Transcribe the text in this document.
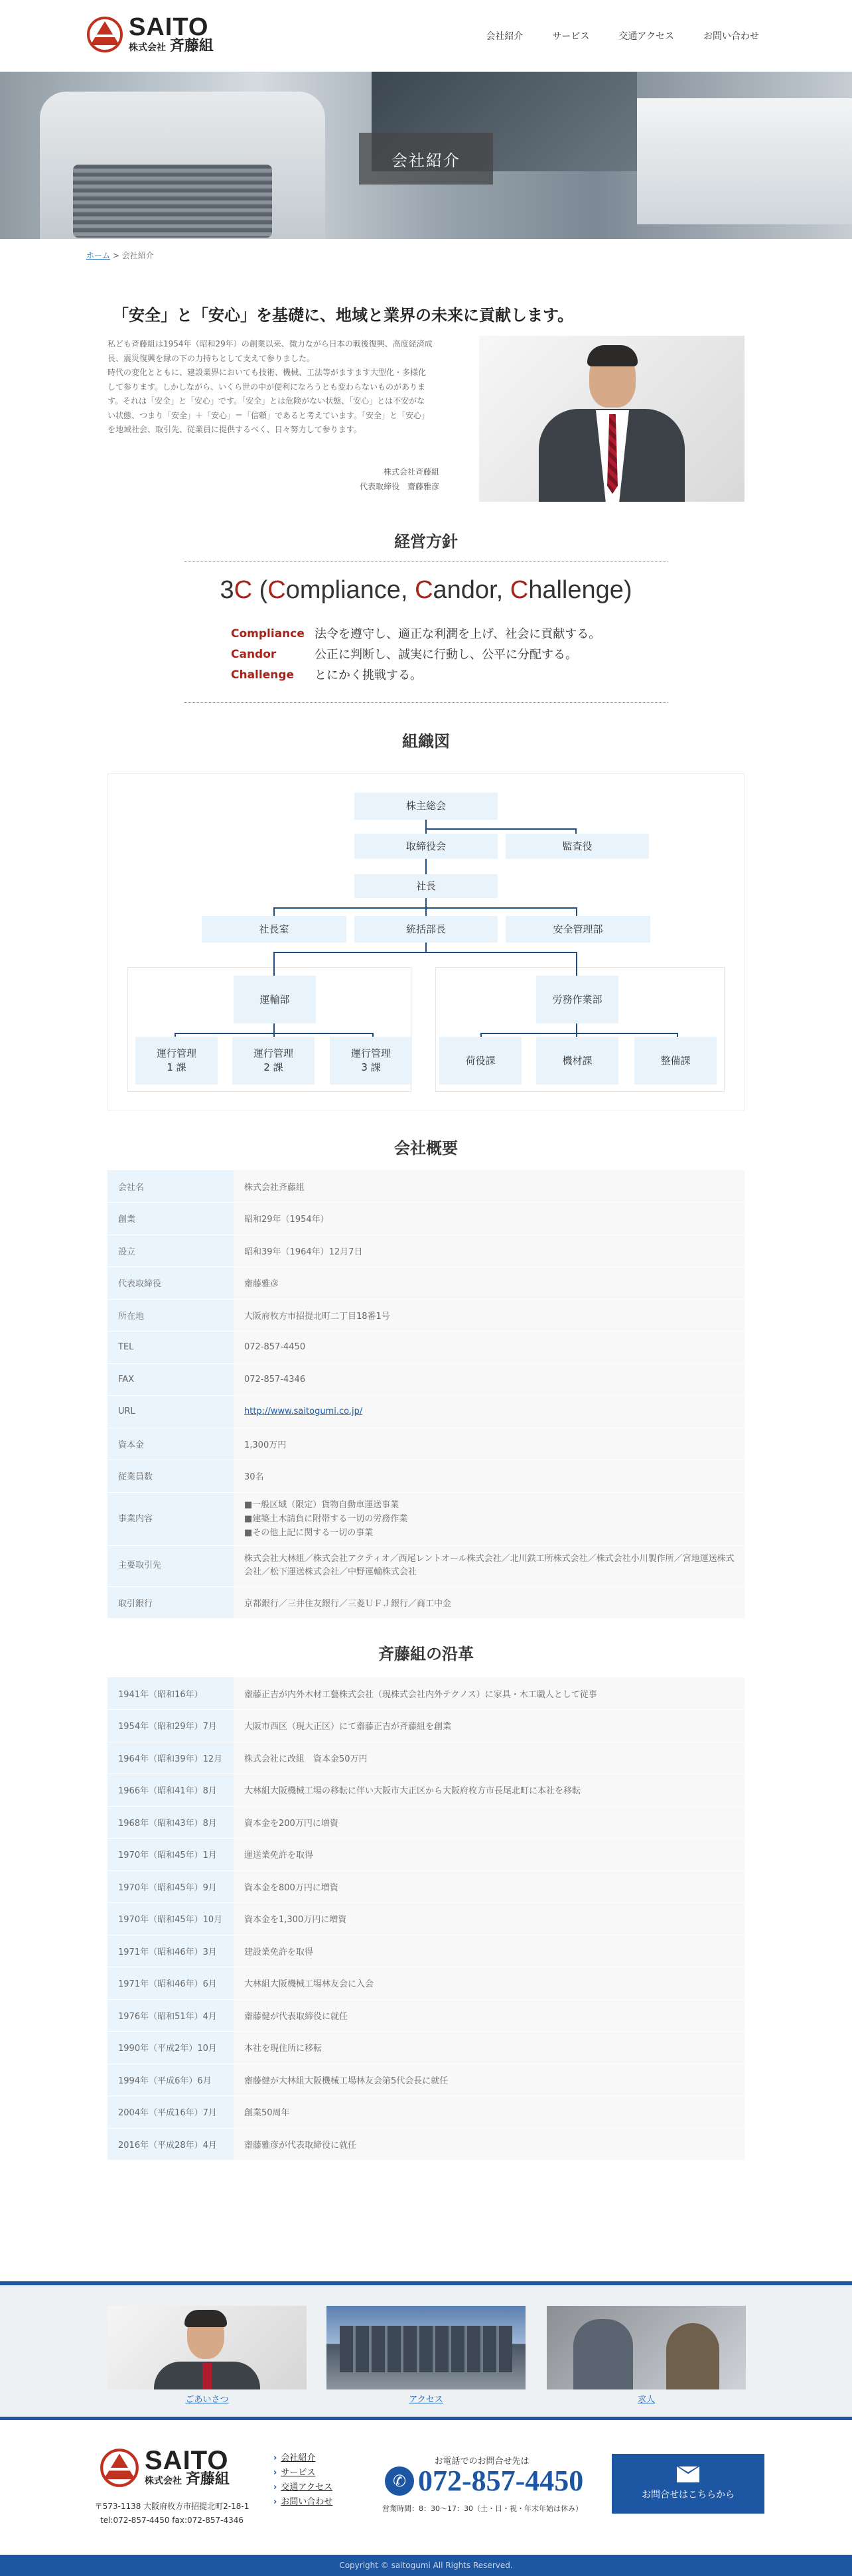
SAITO
株式会社 斉藤組
会社紹介	サービス	交通アクセス	お問い合わせ
会社紹介
ホーム > 会社紹介
「安全」と「安心」を基礎に、地域と業界の未来に貢献します。

私ども斉藤組は1954年（昭和29年）の創業以来、微力ながら日本の戦後復興、高度経済成長、震災復興を縁の下の力持ちとして支えて参りました。

時代の変化とともに、建設業界においても技術、機械、工法等がますます大型化・多様化して参ります。しかしながら、いくら世の中が便利になろうとも変わらないものがあります。それは「安全」と「安心」です。「安全」とは危険がない状態、「安心」とは不安がない状態、つまり「安全」＋「安心」＝「信頼」であると考えています。「安全」と「安心」を地域社会、取引先、従業員に提供するべく、日々努力して参ります。

株式会社斉藤組
代表取締役　齋藤雅彦
経営方針
3C (Compliance, Candor, Challenge)
Compliance 法令を遵守し、適正な利潤を上げ、社会に貢献する。
Candor	公正に判断し、誠実に行動し、公平に分配する。
Challenge	とにかく挑戦する。
組織図
株主総会
取締役会	監査役
社長
社長室	統括部長	安全管理部
運輸部	労務作業部
運行管理
1 課
運行管理
2 課
運行管理
3 課
荷役課	機材課	整備課
会社概要
会社名	株式会社斉藤組
創業	昭和29年（1954年）
設立	昭和39年（1964年）12月7日
代表取締役	齋藤雅彦
所在地	大阪府枚方市招提北町二丁目18番1号
TEL	072-857-4450
FAX	072-857-4346
URL	http://www.saitogumi.co.jp/
資本金	1,300万円
従業員数	30名
事業内容	■一般区域（限定）貨物自動車運送事業
■建築土木請負に附帯する一切の労務作業
■その他上記に関する一切の事業
主要取引先	株式会社大林組／株式会社アクティオ／西尾レントオール株式会社／北川鉄工所株式会社／株式会社小川製作所／宮地運送株式会社／松下運送株式会社／中野運輸株式会社
取引銀行	京都銀行／三井住友銀行／三菱ＵＦＪ銀行／商工中金
斉藤組の沿革
1941年（昭和16年）	齋藤正吉が内外木材工藝株式会社（現株式会社内外テクノス）に家具・木工職人として従事
1954年（昭和29年）7月	大阪市西区（現大正区）にて齋藤正吉が斉藤組を創業
1964年（昭和39年）12月	株式会社に改組　資本金50万円
1966年（昭和41年）8月	大林組大阪機械工場の移転に伴い大阪市大正区から大阪府枚方市長尾北町に本社を移転
1968年（昭和43年）8月	資本金を200万円に増資
1970年（昭和45年）1月	運送業免許を取得
1970年（昭和45年）9月	資本金を800万円に増資
1970年（昭和45年）10月	資本金を1,300万円に増資
1971年（昭和46年）3月	建設業免許を取得
1971年（昭和46年）6月	大林組大阪機械工場林友会に入会
1976年（昭和51年）4月	齋藤健が代表取締役に就任
1990年（平成2年）10月	本社を現住所に移転
1994年（平成6年）6月	齋藤健が大林組大阪機械工場林友会第5代会長に就任
2004年（平成16年）7月	創業50周年
2016年（平成28年）4月	齋藤雅彦が代表取締役に就任
ごあいさつ	アクセス	求人
SAITO
株式会社 斉藤組
〒573-1138 大阪府枚方市招提北町2-18-1
tel:072-857-4450 fax:072-857-4346
› 会社紹介
› サービス
› 交通アクセス
› お問い合わせ
お電話でのお問合せ先は
✆ 072-857-4450
営業時間：8：30〜17：30（土・日・祝・年末年始は休み）
お問合せはこちらから
Copyright © saitogumi All Rights Reserved.
